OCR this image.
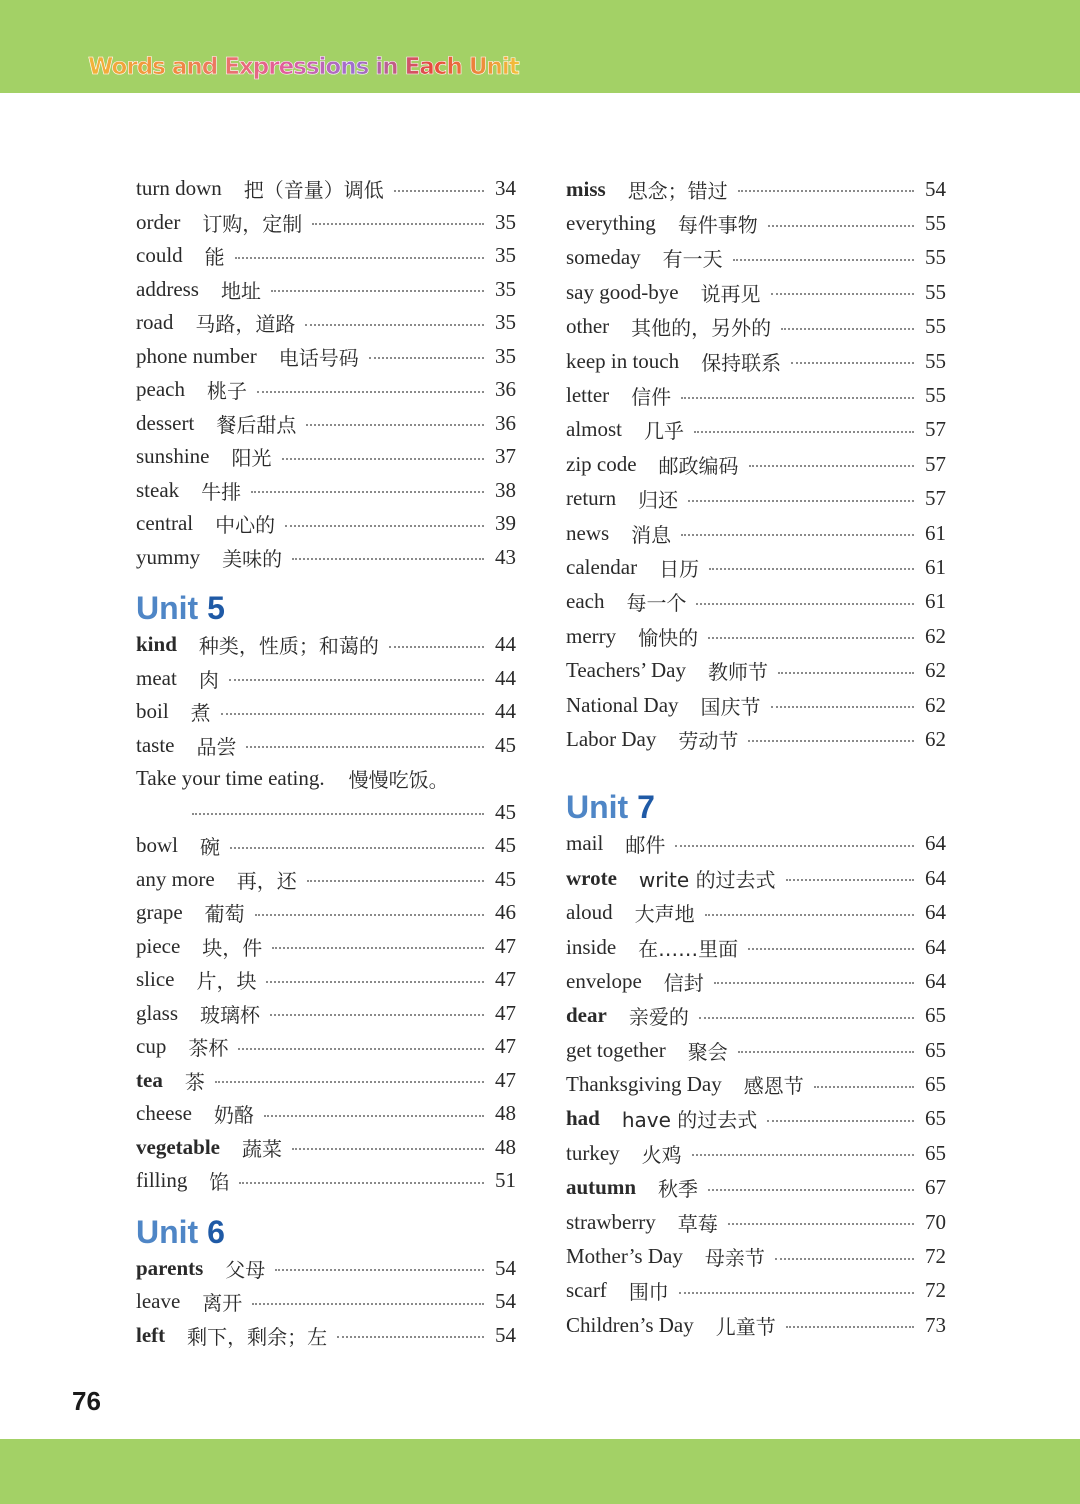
Words and Expressions in Each Unit
turn down 把（音量）调低	34
order 订购，定制	35
could 能	35
address 地址	35
road 马路，道路	35
phone number 电话号码	35
peach 桃子	36
dessert 餐后甜点	36
sunshine 阳光	37
steak 牛排	38
central 中心的	39
yummy 美味的	43
Unit 5
kind 种类，性质；和蔼的	44
meat 肉	44
boil 煮	44
taste 品尝	45
Take your time eating. 慢慢吃饭。
45
bowl 碗	45
any more 再，还	45
grape 葡萄	46
piece 块，件	47
slice 片，块	47
glass 玻璃杯	47
cup 茶杯	47
tea 茶	47
cheese 奶酪	48
vegetable 蔬菜	48
filling 馅	51
Unit 6
parents 父母	54
leave 离开	54
left 剩下，剩余；左	54
miss 思念；错过	54
everything 每件事物	55
someday 有一天	55
say good-bye 说再见	55
other 其他的，另外的	55
keep in touch 保持联系	55
letter 信件	55
almost 几乎	57
zip code 邮政编码	57
return 归还	57
news 消息	61
calendar 日历	61
each 每一个	61
merry 愉快的	62
Teachers’ Day 教师节	62
National Day 国庆节	62
Labor Day 劳动节	62
Unit 7
mail 邮件	64
wrote write 的过去式	64
aloud 大声地	64
inside 在……里面	64
envelope 信封	64
dear 亲爱的	65
get together 聚会	65
Thanksgiving Day 感恩节	65
had have 的过去式	65
turkey 火鸡	65
autumn 秋季	67
strawberry 草莓	70
Mother’s Day 母亲节	72
scarf 围巾	72
Children’s Day 儿童节	73
76
